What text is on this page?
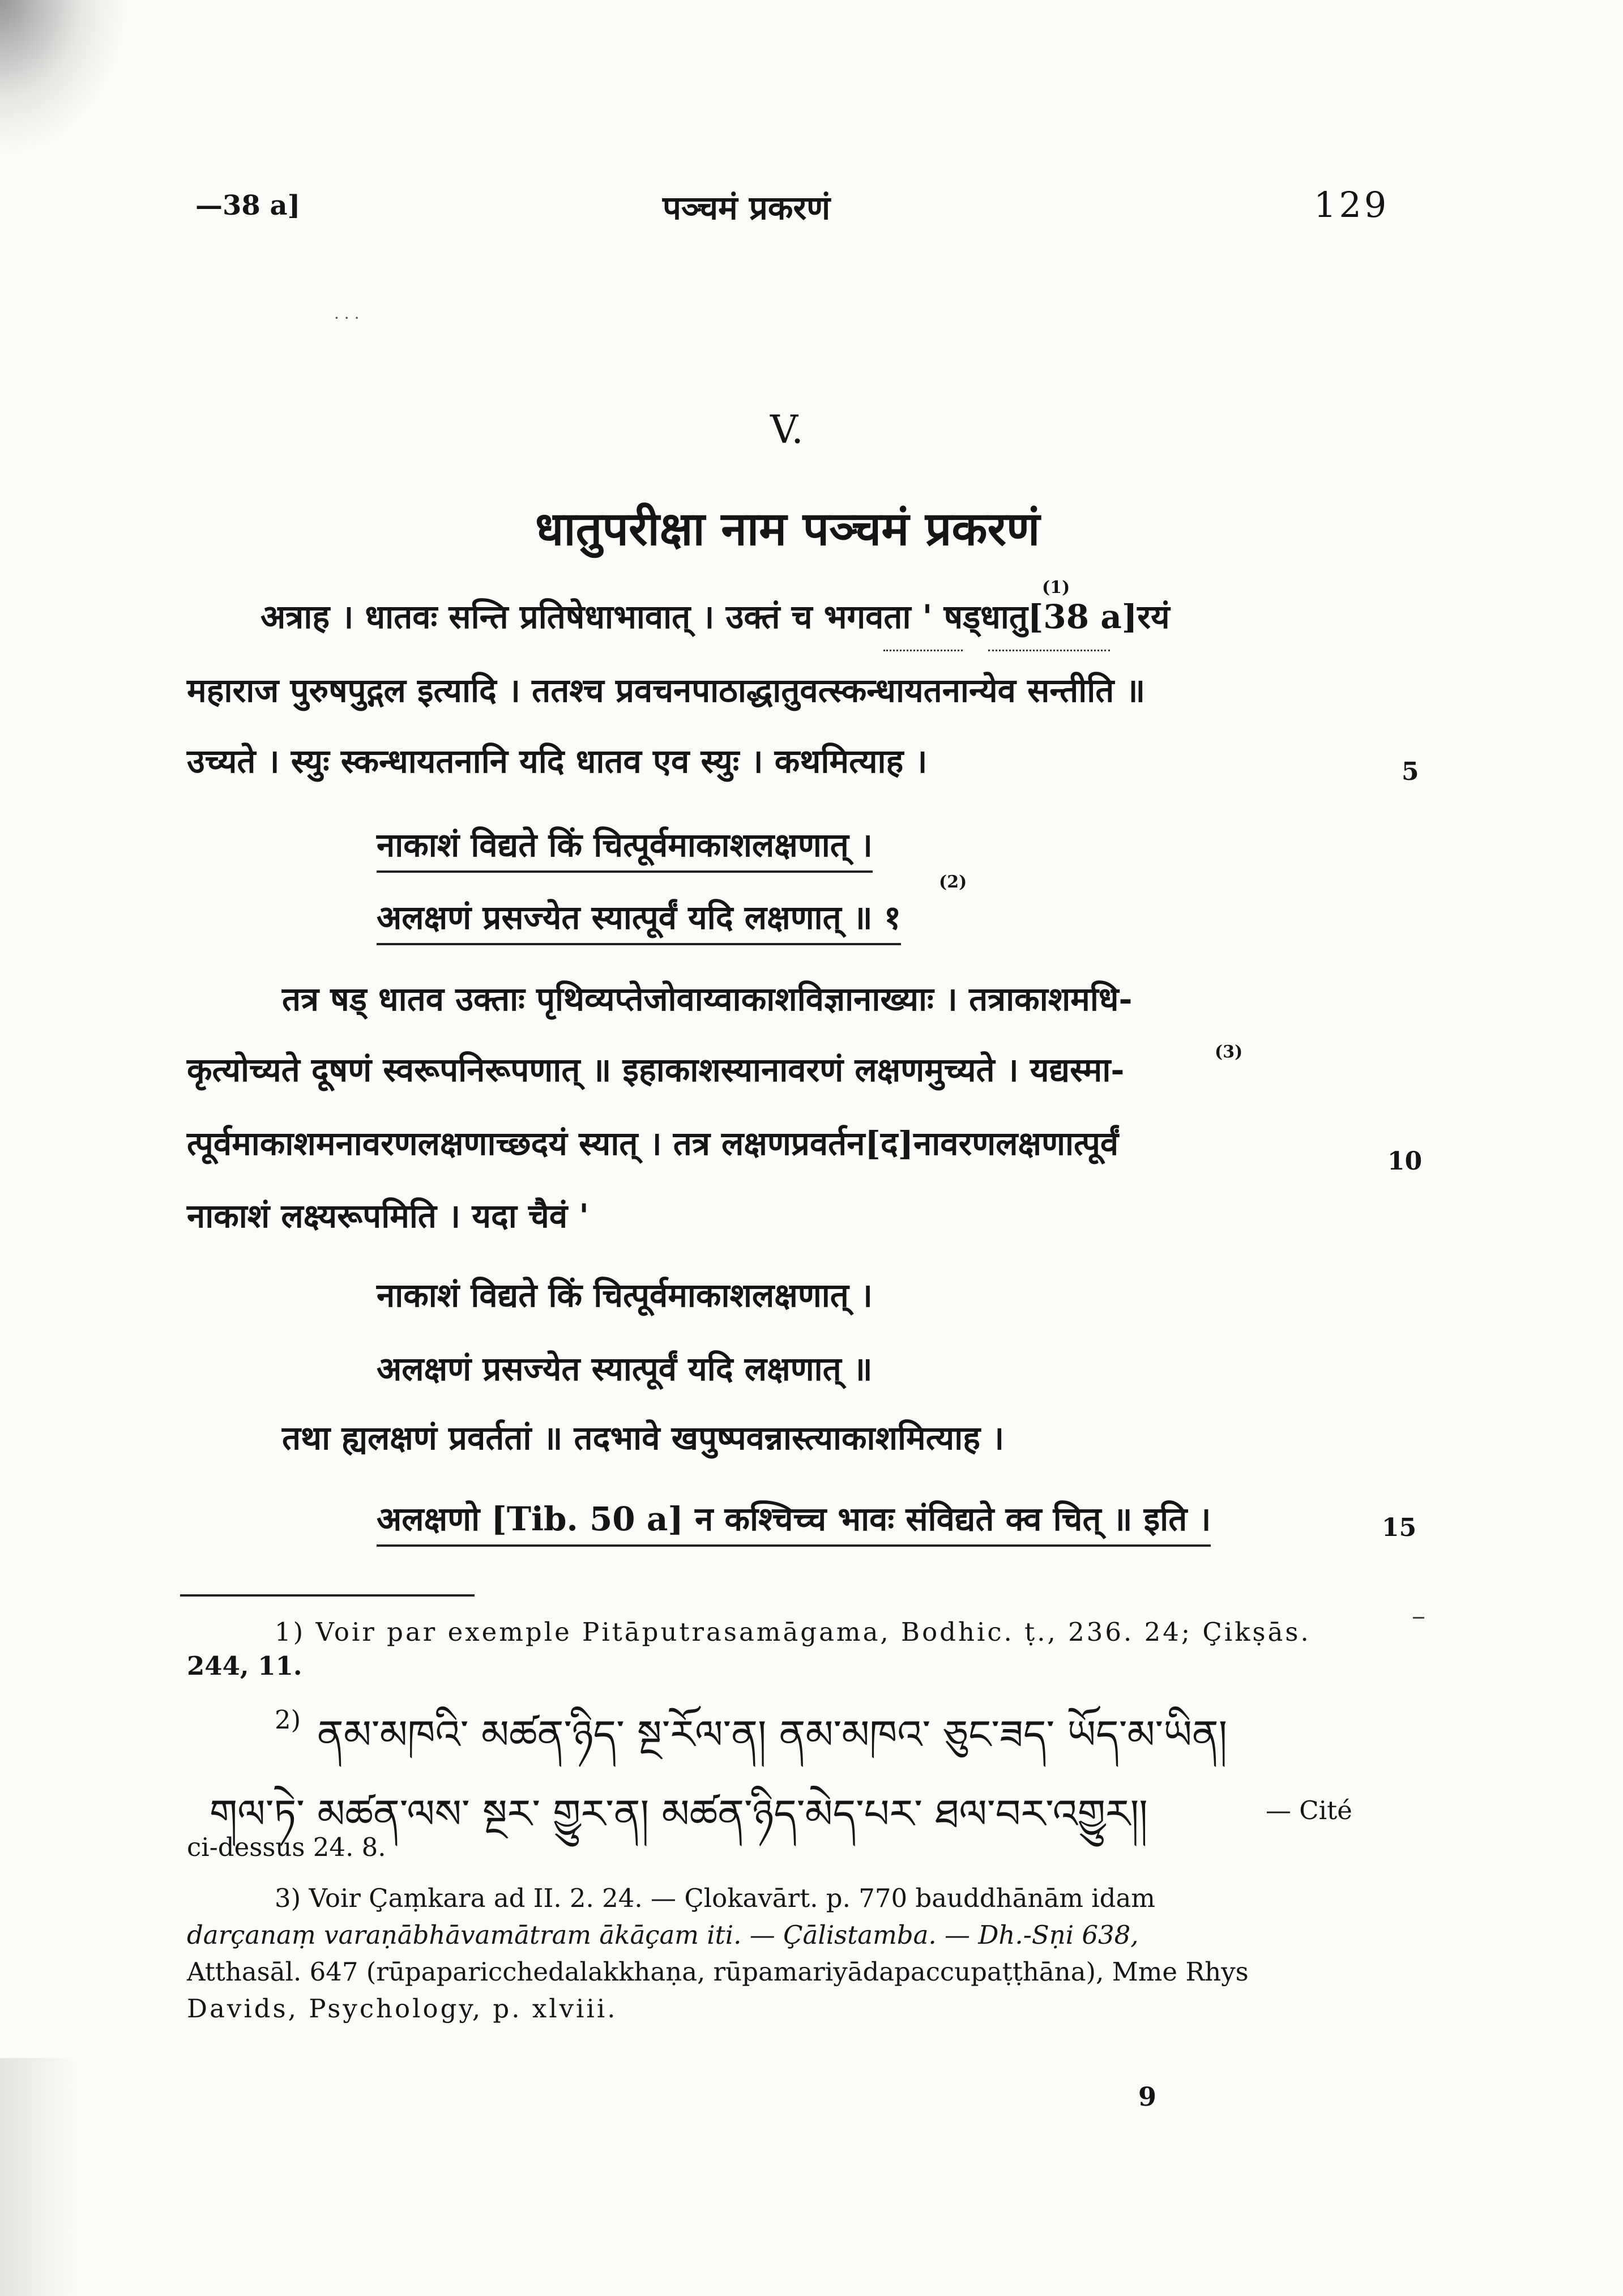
—38 a]	पञ्चमं प्रकरणं	129
· · ·
V.
धातुपरीक्षा नाम पञ्चमं प्रकरणं
(1)
अत्राह । धातवः सन्ति प्रतिषेधाभावात् । उक्तं च भगवता ' षड्धातु[38 a]रयं
महाराज पुरुषपुद्गल इत्यादि । ततश्च प्रवचनपाठाद्धातुवत्स्कन्धायतनान्येव सन्तीति ॥
उच्यते । स्युः स्कन्धायतनानि यदि धातव एव स्युः । कथमित्याह ।	5
नाकाशं विद्यते किं चित्पूर्वमाकाशलक्षणात् ।
(2)
अलक्षणं प्रसज्येत स्यात्पूर्वं यदि लक्षणात् ॥ १
तत्र षड् धातव उक्ताः पृथिव्यप्तेजोवाय्वाकाशविज्ञानाख्याः । तत्राकाशमधि-
कृत्योच्यते दूषणं स्वरूपनिरूपणात् ॥ इहाकाशस्यानावरणं लक्षणमुच्यते । यद्यस्मा-	(3)
त्पूर्वमाकाशमनावरणलक्षणाच्छदयं स्यात् । तत्र लक्षणप्रवर्तन[द]नावरणलक्षणात्पूर्वं	10
नाकाशं लक्ष्यरूपमिति । यदा चैवं '
नाकाशं विद्यते किं चित्पूर्वमाकाशलक्षणात् ।
अलक्षणं प्रसज्येत स्यात्पूर्वं यदि लक्षणात् ॥
तथा ह्यलक्षणं प्रवर्ततां ॥ तदभावे खपुष्पवन्नास्त्याकाशमित्याह ।
अलक्षणो [Tib. 50 a] न कश्चिच्च भावः संविद्यते क्व चित् ॥ इति ।	15
1) Voir par exemple Pitāputrasamāgama, Bodhic. ṭ., 236. 24; Çikṣās.
244, 11.
2) ནམ་མཁའི་ མཚན་ཉིད་ སྔ་རོལ་ན། ནམ་མཁའ་ ཅུང་ཟད་ ཡོད་མ་ཡིན།
གལ་ཏེ་ མཚན་ལས་ སྔར་ གྱུར་ན། མཚན་ཉིད་མེད་པར་ ཐལ་བར་འགྱུར།།	— Cité
ci-dessus 24. 8.
3) Voir Çaṃkara ad II. 2. 24. — Çlokavārt. p. 770 bauddhānām idam
darçanaṃ varaṇābhāvamātram ākāçam iti. — Çālistamba. — Dh.-Sṇi 638,
Atthasāl. 647 (rūpaparicchedalakkhaṇa, rūpamariyādapaccupaṭṭhāna), Mme Rhys
Davids, Psychology, p. xlviii.
9
